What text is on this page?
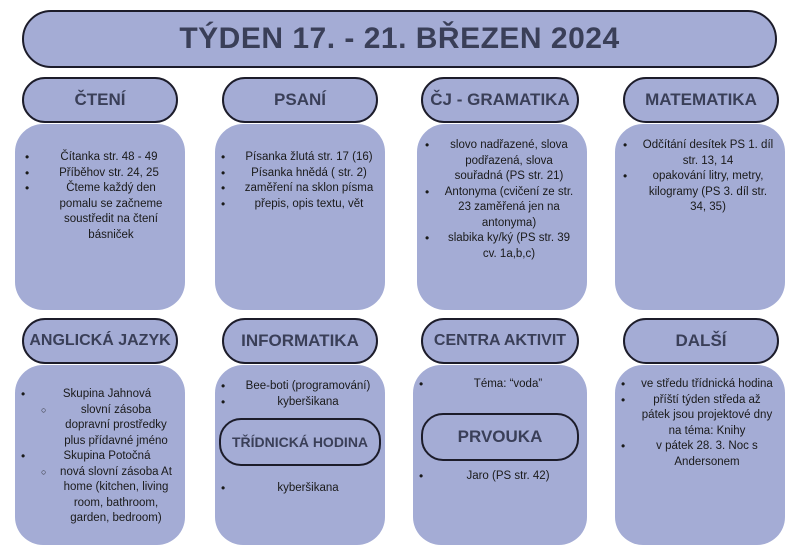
TÝDEN 17. - 21. BŘEZEN 2024
• Čítanka str. 48 - 49
• Příběhov str. 24, 25
• Čteme každý den pomalu se začneme soustředit na čtení básniček
ČTENÍ
• Písanka žlutá str. 17 (16)
• Písanka hnědá ( str. 2)
• zaměření na sklon písma
• přepis, opis textu, vět
PSANÍ
• slovo nadřazené, slova podřazená, slova souřadná (PS str. 21)
• Antonyma (cvičení ze str. 23 zaměřená jen na antonyma)
• slabika ky/ký (PS str. 39 cv. 1a,b,c)
ČJ - GRAMATIKA
• Odčítání desítek PS 1. díl str. 13, 14
• opakování litry, metry, kilogramy (PS 3. díl str. 34, 35)
MATEMATIKA
• Skupina Jahnová
○ slovní zásoba dopravní prostředky plus přídavné jméno
• Skupina Potočná
○ nová slovní zásoba At home (kitchen, living room, bathroom, garden, bedroom)
ANGLICKÁ JAZYK
• Bee-boti (programování)
• kyberšikana
• kyberšikana
INFORMATIKA
TŘÍDNICKÁ HODINA
• Téma: “voda”
• Jaro (PS str. 42)
CENTRA AKTIVIT
PRVOUKA
• ve středu třídnická hodina
• příští týden středa až pátek jsou projektové dny na téma: Knihy
• v pátek 28. 3. Noc s Andersonem
DALŠÍ
